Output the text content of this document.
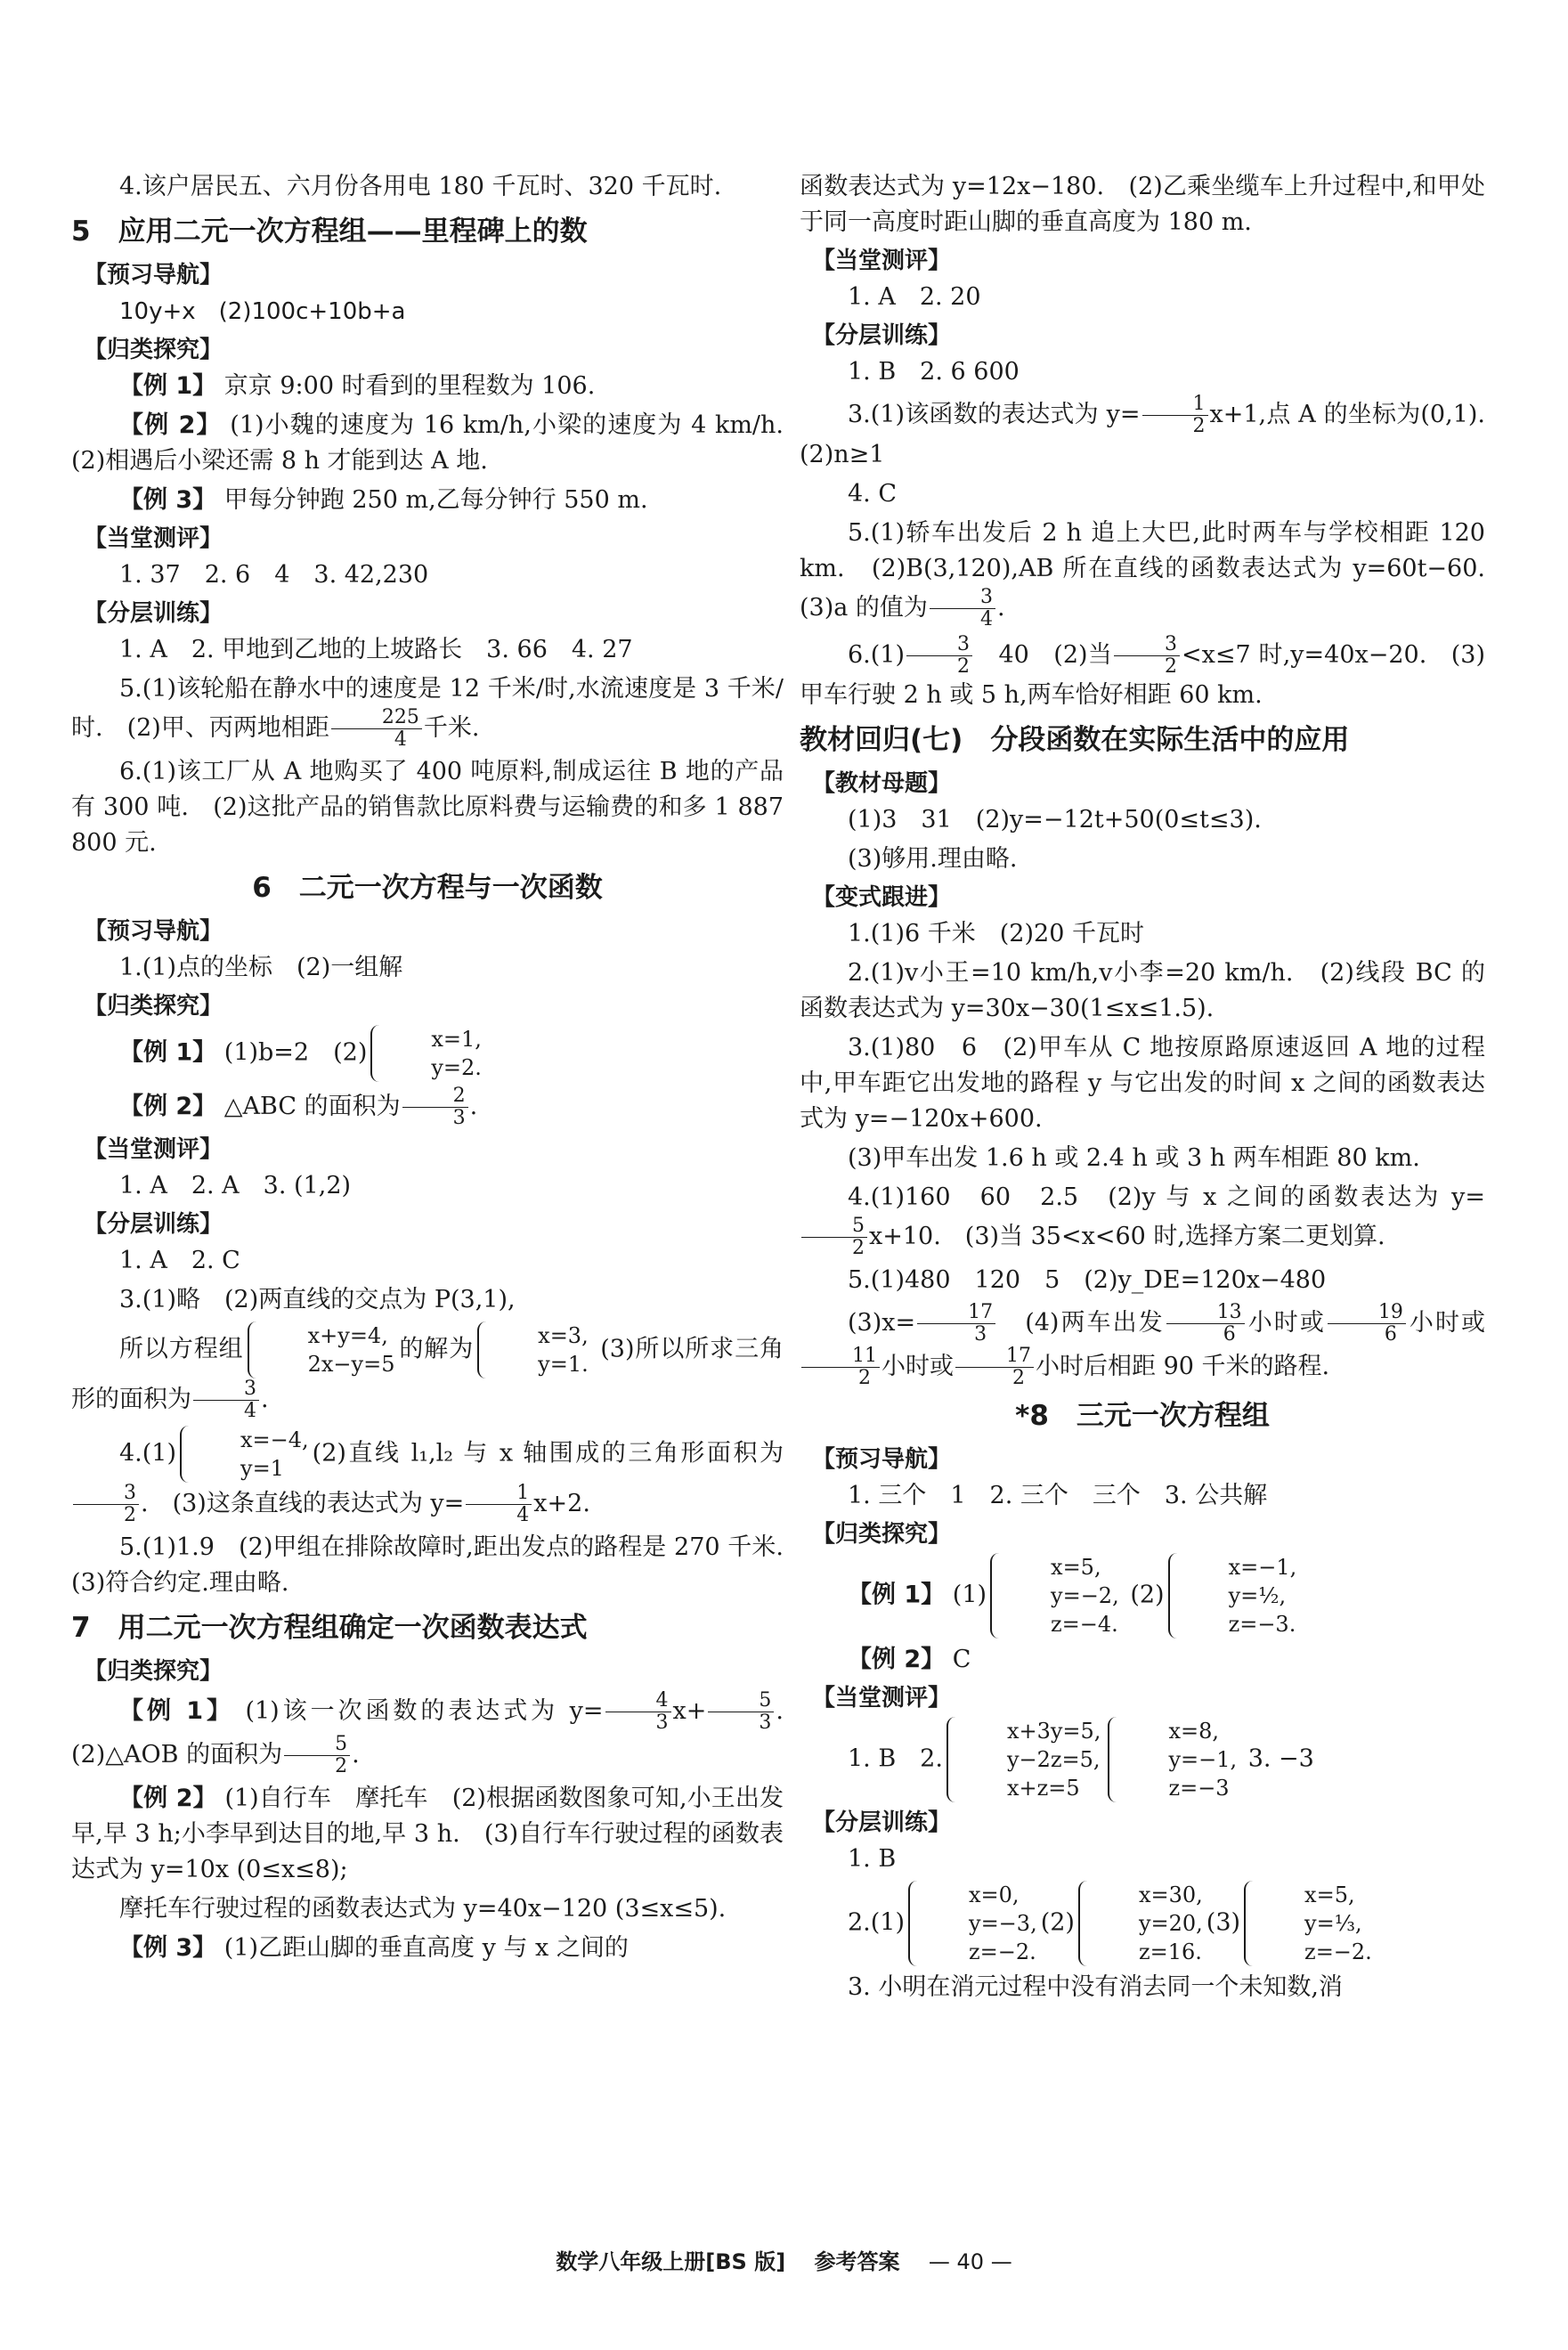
4.该户居民五、六月份各用电 180 千瓦时、320 千瓦时.

5　应用二元一次方程组——里程碑上的数
【预习导航】

10y+x　(2)100c+10b+a

【归类探究】

【例 1】 京京 9:00 时看到的里程数为 106.

【例 2】 (1)小魏的速度为 16 km/h,小梁的速度为 4 km/h.　(2)相遇后小梁还需 8 h 才能到达 A 地.

【例 3】 甲每分钟跑 250 m,乙每分钟行 550 m.

【当堂测评】

1. 37　2. 6　4　3. 42,230

【分层训练】

1. A　2. 甲地到乙地的上坡路长　3. 66　4. 27

5.(1)该轮船在静水中的速度是 12 千米/时,水流速度是 3 千米/时.　(2)甲、丙两地相距 $\frac{225}{4}$ 千米.

6.(1)该工厂从 A 地购买了 400 吨原料,制成运往 B 地的产品有 300 吨.　(2)这批产品的销售款比原料费与运输费的和多 1 887 800 元.

6　二元一次方程与一次函数
【预习导航】

1.(1)点的坐标　(2)一组解

【归类探究】

【例 1】 (1)b=2　(2)	x=1,
y=2.

【例 2】 △ABC 的面积为 $\frac{2}{3}$ .

【当堂测评】

1. A　2. A　3. (1,2)

【分层训练】

1. A　2. C

3.(1)略　(2)两直线的交点为 P(3,1),

所以方程组	x+y=4,
2x−y=5
的解为	x=3,
y=1.
(3)所以所求三角形的面积为 $\frac{3}{4}$ .

4.(1)	x=−4,
y=1
(2)直线 l₁,l₂ 与 x 轴围成的三角形面积为
$\frac{3}{2}$ .　(3)这条直线的表达式为 $y= \frac{1}{4} x+2$.

5.(1)1.9　(2)甲组在排除故障时,距出发点的路程是 270 千米.　(3)符合约定.理由略.

7　用二元一次方程组确定一次函数表达式
【归类探究】

【例 1】 (1)该一次函数的表达式为 $y= \frac{4}{3} x+ \frac{5}{3}$ .　(2)△AOB 的面积为 $\frac{5}{2}$ .

【例 2】 (1)自行车　摩托车　(2)根据函数图象可知,小王出发早,早 3 h;小李早到达目的地,早 3 h.　(3)自行车行驶过程的函数表达式为 y=10x (0≤x≤8);

摩托车行驶过程的函数表达式为 y=40x−120 (3≤x≤5).

【例 3】 (1)乙距山脚的垂直高度 y 与 x 之间的

函数表达式为 y=12x−180.　(2)乙乘坐缆车上升过程中,和甲处于同一高度时距山脚的垂直高度为 180 m.

【当堂测评】

1. A　2. 20

【分层训练】

1. B　2. 6 600

3.(1)该函数的表达式为 $y= \frac{1}{2} x+1$,点 A 的坐标为(0,1).　(2)n≥1

4. C

5.(1)轿车出发后 2 h 追上大巴,此时两车与学校相距 120 km.　(2)B(3,120),AB 所在直线的函数表达式为 y=60t−60.　(3)a 的值为 $\frac{3}{4}$ .

$6.(1) \frac{3}{2}$ 　40　(2)当 $\frac{3}{2} <x\le 7$ 时,y=40x−20.　(3)甲车行驶 2 h 或 5 h,两车恰好相距 60 km.

教材回归(七)　分段函数在实际生活中的应用
【教材母题】

(1)3　31　(2)y=−12t+50(0≤t≤3).

(3)够用.理由略.

【变式跟进】

1.(1)6 千米　(2)20 千瓦时

2.(1)v小王=10 km/h,v小李=20 km/h.　(2)线段 BC 的函数表达式为 y=30x−30(1≤x≤1.5).

3.(1)80　6　(2)甲车从 C 地按原路原速返回 A 地的过程中,甲车距它出发地的路程 y 与它出发的时间 x 之间的函数表达式为 y=−120x+600.

(3)甲车出发 1.6 h 或 2.4 h 或 3 h 两车相距 80 km.

4.(1)160　60　2.5　(2)y 与 x 之间的函数表达为 y=
$\frac{5}{2} x+10$.　(3)当 35<x<60 时,选择方案二更划算.

5.(1)480　120　5　(2)y_DE=120x−480

$(3)x= \frac{17}{3}$ 　(4)两车出发 $\frac{13}{6}$ 小时或 $\frac{19}{6}$ 小时或
$\frac{11}{2}$ 小时或 $\frac{17}{2}$ 小时后相距 90 千米的路程.

*8　三元一次方程组
【预习导航】

1. 三个　1　2. 三个　三个　3. 公共解

【归类探究】

【例 1】 (1)
x=5,
y=−2,
z=−4.
(2)
x=−1,
y=½,
z=−3.

【例 2】 C

【当堂测评】

1. B　2.
x+3y=5,
y−2z=5,
x+z=5
x=8,
y=−1,
z=−3
3. −3

【分层训练】

1. B

2.(1)
x=0,
y=−3,
z=−2.
(2)
x=30,
y=20,
z=16.
(3)
x=5,
y=⅓,
z=−2.

3. 小明在消元过程中没有消去同一个未知数,消

数学八年级上册[BS 版] 参考答案 — 40 —
